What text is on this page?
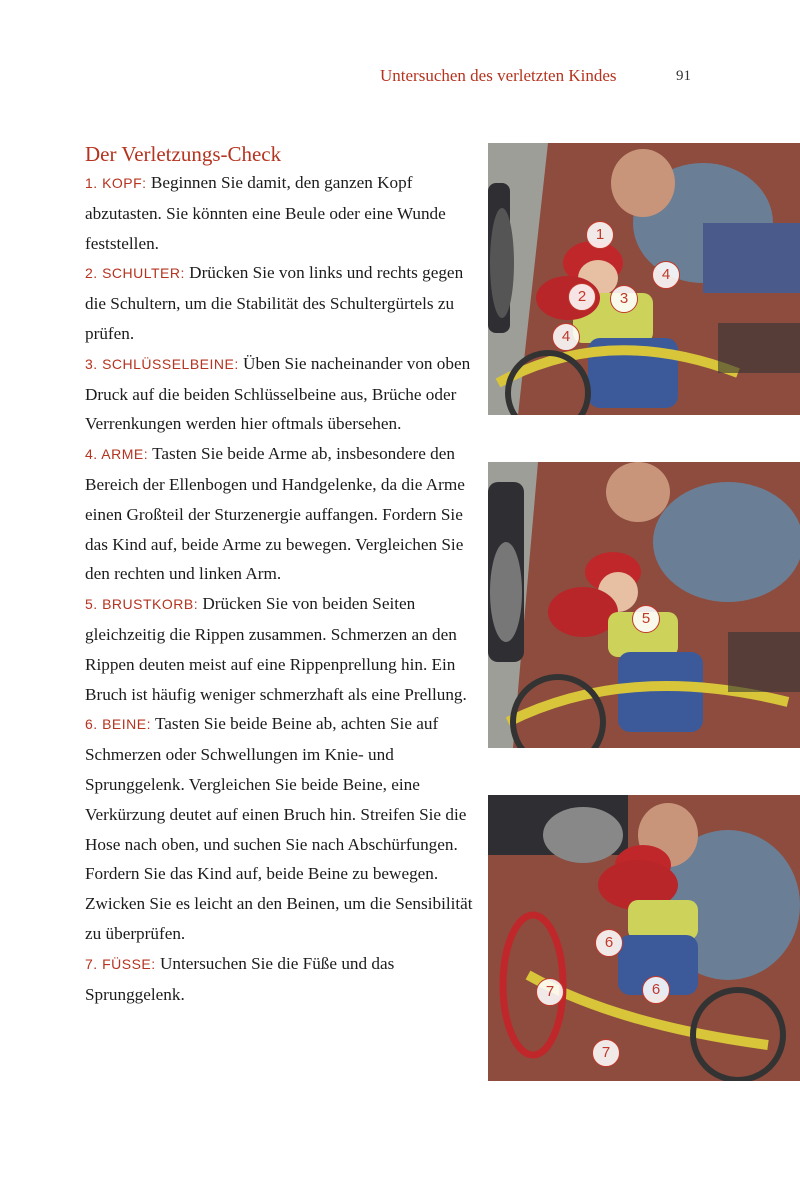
Untersuchen des verletzten Kindes	91
Der Verletzungs-Check

1. KOPF: Beginnen Sie damit, den ganzen Kopf abzutasten. Sie könnten eine Beule oder eine Wunde feststellen.

2. SCHULTER: Drücken Sie von links und rechts gegen die Schultern, um die Stabilität des Schultergürtels zu prüfen.

3. SCHLÜSSELBEINE: Üben Sie nacheinander von oben Druck auf die beiden Schlüsselbeine aus, Brüche oder Verrenkungen werden hier oftmals übersehen.

4. ARME: Tasten Sie beide Arme ab, insbesondere den Bereich der Ellenbogen und Handgelenke, da die Arme einen Großteil der Sturzenergie auffangen. Fordern Sie das Kind auf, beide Arme zu bewegen. Vergleichen Sie den rechten und linken Arm.

5. BRUSTKORB: Drücken Sie von beiden Seiten gleichzeitig die Rippen zusammen. Schmerzen an den Rippen deuten meist auf eine Rippenprellung hin. Ein Bruch ist häufig weniger schmerzhaft als eine Prellung.

6. BEINE: Tasten Sie beide Beine ab, achten Sie auf Schmerzen oder Schwellungen im Knie- und Sprunggelenk. Vergleichen Sie beide Beine, eine Verkürzung deutet auf einen Bruch hin. Streifen Sie die Hose nach oben, und suchen Sie nach Abschürfungen. Fordern Sie das Kind auf, beide Beine zu bewegen. Zwicken Sie es leicht an den Beinen, um die Sensibilität zu überprüfen.

7. FÜSSE: Untersuchen Sie die Füße und das Sprunggelenk.

1
2	3
4
4
5
6
6
7
7
